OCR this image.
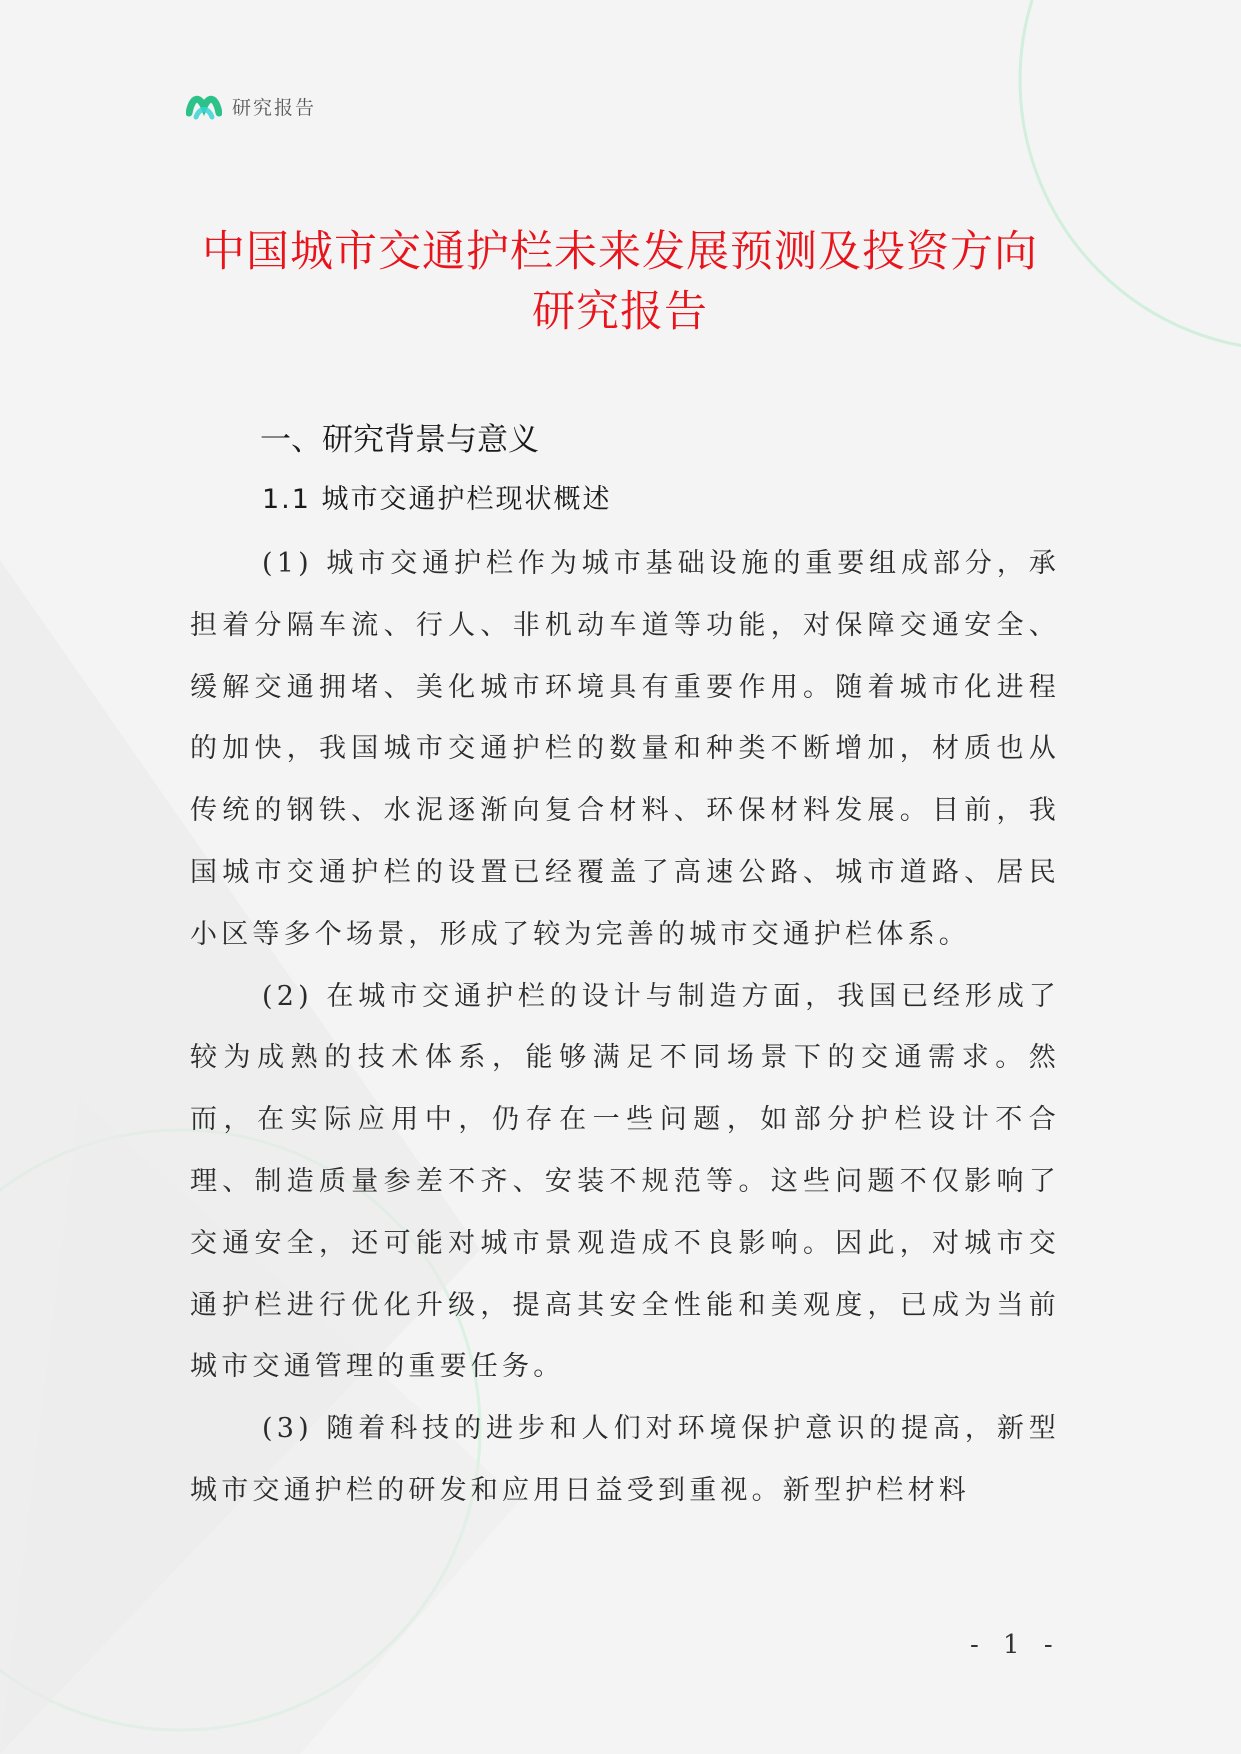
研究报告
中国城市交通护栏未来发展预测及投资方向研究报告
一、研究背景与意义
1.1 城市交通护栏现状概述

(1) 城市交通护栏作为城市基础设施的重要组成部分，承担着分隔车流、行人、非机动车道等功能，对保障交通安全、缓解交通拥堵、美化城市环境具有重要作用。随着城市化进程的加快，我国城市交通护栏的数量和种类不断增加，材质也从传统的钢铁、水泥逐渐向复合材料、环保材料发展。目前，我国城市交通护栏的设置已经覆盖了高速公路、城市道路、居民小区等多个场景，形成了较为完善的城市交通护栏体系。

(2) 在城市交通护栏的设计与制造方面，我国已经形成了较为成熟的技术体系，能够满足不同场景下的交通需求。然而，在实际应用中，仍存在一些问题，如部分护栏设计不合理、制造质量参差不齐、安装不规范等。这些问题不仅影响了交通安全，还可能对城市景观造成不良影响。因此，对城市交通护栏进行优化升级，提高其安全性能和美观度，已成为当前城市交通管理的重要任务。

(3) 随着科技的进步和人们对环境保护意识的提高，新型城市交通护栏的研发和应用日益受到重视。新型护栏材料

- 1 -
